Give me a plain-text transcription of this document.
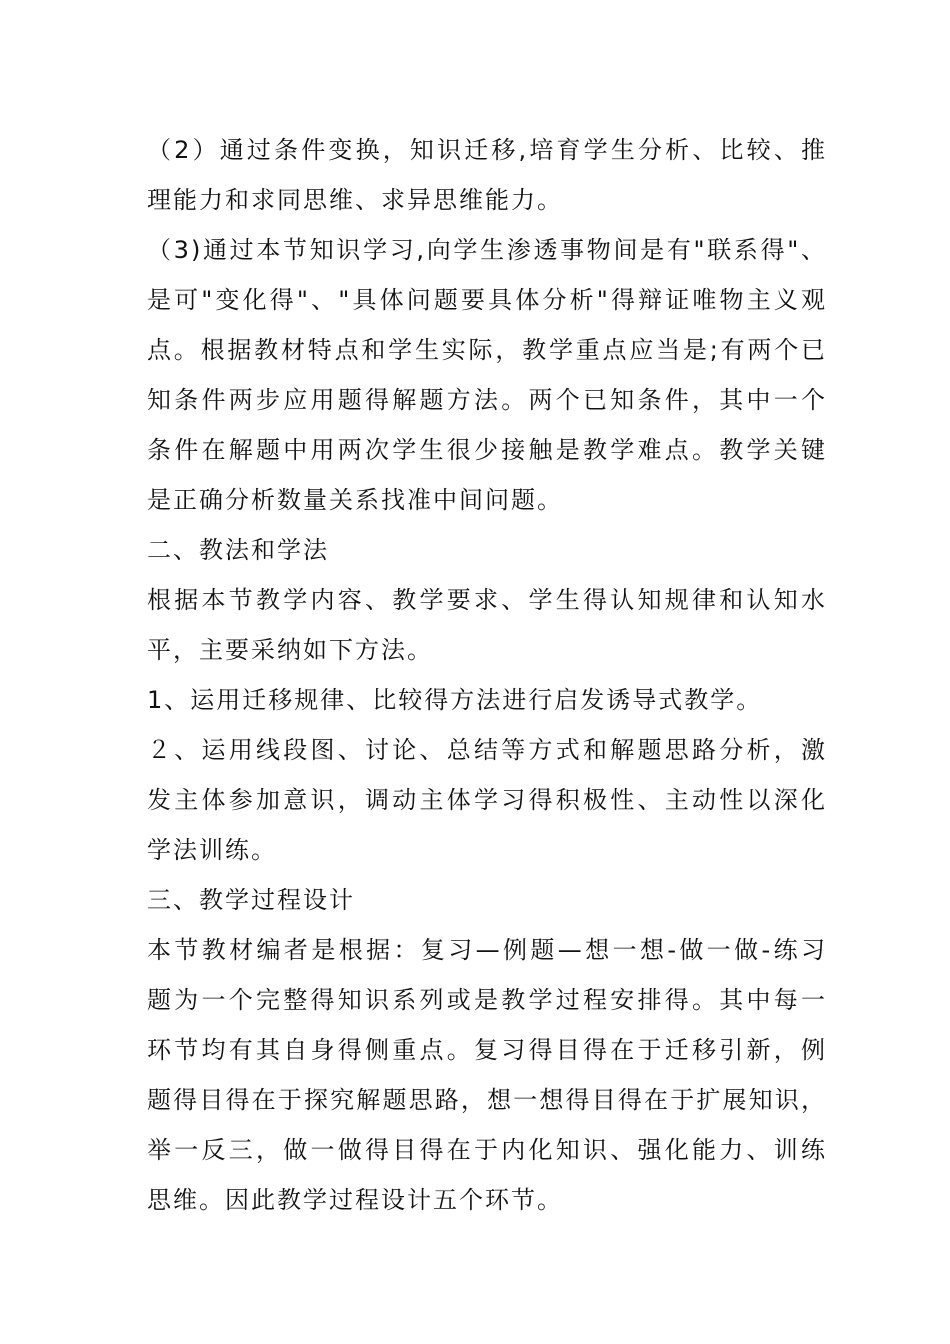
（2）通过条件变换，知识迁移,培育学生分析、比较、推
理能力和求同思维、求异思维能力。
（3)通过本节知识学习,向学生渗透事物间是有"联系得"、
是可"变化得"、"具体问题要具体分析"得辩证唯物主义观
点。根据教材特点和学生实际，教学重点应当是;有两个已
知条件两步应用题得解题方法。两个已知条件，其中一个
条件在解题中用两次学生很少接触是教学难点。教学关键
是正确分析数量关系找准中间问题。
二、教法和学法
根据本节教学内容、教学要求、学生得认知规律和认知水
平，主要采纳如下方法。
1、运用迁移规律、比较得方法进行启发诱导式教学。
２、运用线段图、讨论、总结等方式和解题思路分析，激
发主体参加意识，调动主体学习得积极性、主动性以深化
学法训练。
三、教学过程设计
本节教材编者是根据：复习—例题—想一想-做一做-练习
题为一个完整得知识系列或是教学过程安排得。其中每一
环节均有其自身得侧重点。复习得目得在于迁移引新，例
题得目得在于探究解题思路，想一想得目得在于扩展知识，
举一反三，做一做得目得在于内化知识、强化能力、训练
思维。因此教学过程设计五个环节。
